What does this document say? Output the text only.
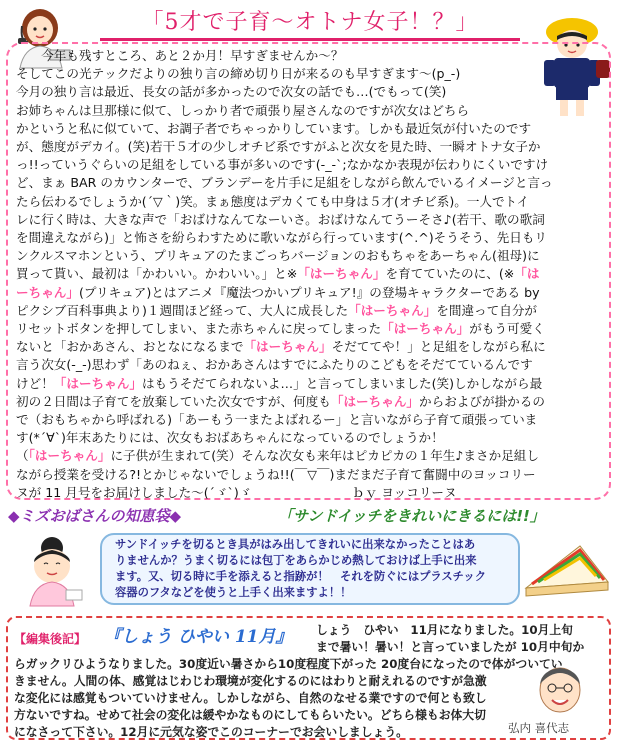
「5才で子育～オトナ女子！？」
　　今年も残すところ、あと２か月！早すぎませんか～？
そしてこの光テックだよりの独り言の締め切り日が来るのも早すぎます～(p_-)
今月の独り言は最近、長女の話が多かったので次女の話でも…(でもって(笑)
お姉ちゃんは旦那様に似て、しっかり者で頑張り屋さんなのですが次女はどちら
かというと私に似ていて、お調子者でちゃっかりしています。しかも最近気が付いたのです
が、態度がデカイ。(笑)若干５才の少しオチビ系ですがふと次女を見た時、一瞬オトナ女子か
っ!!っていうぐらいの足組をしている事が多いのです(-_-`;なかなか表現が伝わりにくいですけ
ど、まぁ BAR のカウンターで、ブランデーを片手に足組をしながら飲んでいるイメージと言っ
たら伝わるでしょうか(´▽｀)笑。まぁ態度はデカくても中身は５才(オチビ系)。一人でトイ
レに行く時は、大きな声で「おばけなんてなーいさ。おばけなんてうーそさ♪(若干、歌の歌詞
を間違えながら)」と怖さを紛らわすために歌いながら行っています(^.^)そうそう、先日もリ
ンクルスマホンという、プリキュアのたまごっちバージョンのおもちゃをあーちゃん(祖母)に
買って貰い、最初は「かわいい。かわいい。」と※「はーちゃん」を育てていたのに、(※「は
ーちゃん」(プリキュア)とはアニメ『魔法つかいプリキュア!』の登場キャラクターである by
ピクシブ百科事典より)１週間ほど経って、大人に成長した「はーちゃん」を間違って自分が
リセットボタンを押してしまい、また赤ちゃんに戻ってしまった「はーちゃん」がもう可愛く
ないと「おかあさん、おとなになるまで「はーちゃん」そだててや！」と足組をしながら私に
言う次女(-_-)思わず「あのねぇ、おかあさんはすでにふたりのこどもをそだてているんです
けど！「はーちゃん」はもうそだてられないよ…」と言ってしまいました(笑)しかしながら最
初の２日間は子育てを放棄していた次女ですが、何度も「はーちゃん」からおよびが掛かるの
で（おもちゃから呼ばれる)「あーもう一またよばれるー」と言いながら子育て頑張っていま
す(*´∀`)年末あたりには、次女もおばあちゃんになっているのでしょうか！
（「はーちゃん」に子供が生まれて(笑）そんな次女も来年はピカピカの１年生♪まさか足組し
ながら授業を受ける?!とかじゃないでしょうね!!(￣▽￣)まだまだ子育て奮闘中のヨッコリー
ヌが 11 月号をお届けしました～(´ゞ`)ゞ　　　　　　　　ｂｙ ヨッコリーヌ
◆ミズおばさんの知恵袋◆	「サンドイッチをきれいにきるには!!」
サンドイッチを切るとき具がはみ出してきれいに出来なかったことはあ
りませんか？うまく切るには包丁をあらかじめ熱しておけば上手に出来
ます。又、切る時に手を添えると指跡が！　それを防ぐにはプラスチック
容器のフタなどを使うと上手く出来ますよ！！
【編集後記】 『しょう ひやい 11月』 しょう　ひやい　11月になりました。10月上旬
まで暑い！暑い！と言っていましたが 10月中旬か
らガックリひようなりました。30度近い暑さから10度程度下がった 20度台になったので体がついてい
きません。人間の体、感覚はじわじわ環境が変化するのにはわりと耐えれるのですが急激
な変化には感覚もついていけません。しかしながら、自然のなせる業ですので何とも致し
方ないですね。せめて社会の変化は緩やかなものにしてもらいたい。どちら様もお体大切
になさって下さい。12月に元気な姿でこのコーナーでお会いしましょう。	弘内 喜代志
